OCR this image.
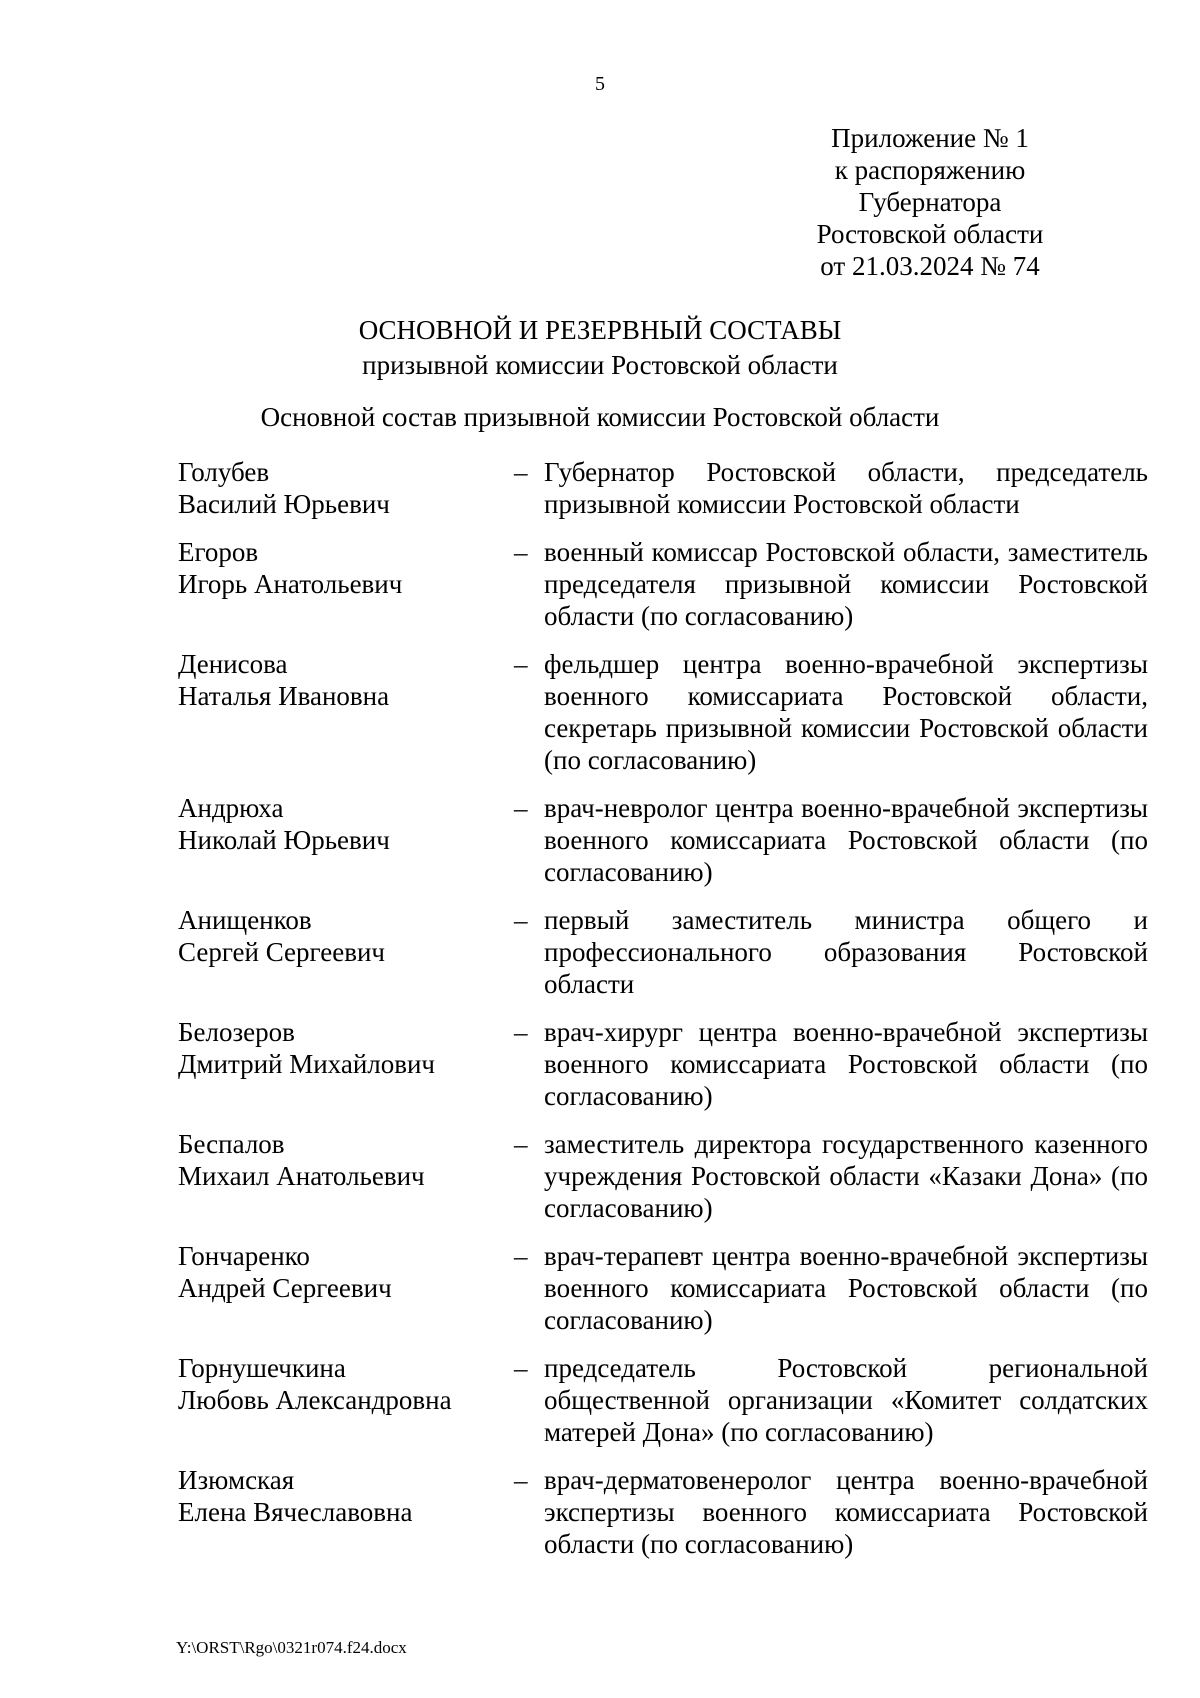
5
Приложение № 1
к распоряжению
Губернатора
Ростовской области
от 21.03.2024 № 74
ОСНОВНОЙ И РЕЗЕРВНЫЙ СОСТАВЫ
призывной комиссии Ростовской области
Основной состав призывной комиссии Ростовской области
Голубев
Василий Юрьевич
– Губернатор Ростовской области, председатель призывной комиссии Ростовской области
Егоров
Игорь Анатольевич
– военный комиссар Ростовской области, заместитель председателя призывной комиссии Ростовской области (по согласованию)
Денисова
Наталья Ивановна
– фельдшер центра военно-врачебной экспертизы военного комиссариата Ростовской области, секретарь призывной комиссии Ростовской области (по согласованию)
Андрюха
Николай Юрьевич
– врач-невролог центра военно-врачебной экспертизы военного комиссариата Ростовской области (по согласованию)
Анищенков
Сергей Сергеевич
– первый заместитель министра общего и профессионального образования Ростовской области
Белозеров
Дмитрий Михайлович
– врач-хирург центра военно-врачебной экспертизы военного комиссариата Ростовской области (по согласованию)
Беспалов
Михаил Анатольевич
– заместитель директора государственного казенного учреждения Ростовской области «Казаки Дона» (по согласованию)
Гончаренко
Андрей Сергеевич
– врач-терапевт центра военно-врачебной экспертизы военного комиссариата Ростовской области (по согласованию)
Горнушечкина
Любовь Александровна
– председатель Ростовской региональной общественной организации «Комитет солдатских матерей Дона» (по согласованию)
Изюмская
Елена Вячеславовна
– врач-дерматовенеролог центра военно-врачебной экспертизы военного комиссариата Ростовской области (по согласованию)
Y:\ORST\Rgo\0321r074.f24.docx
